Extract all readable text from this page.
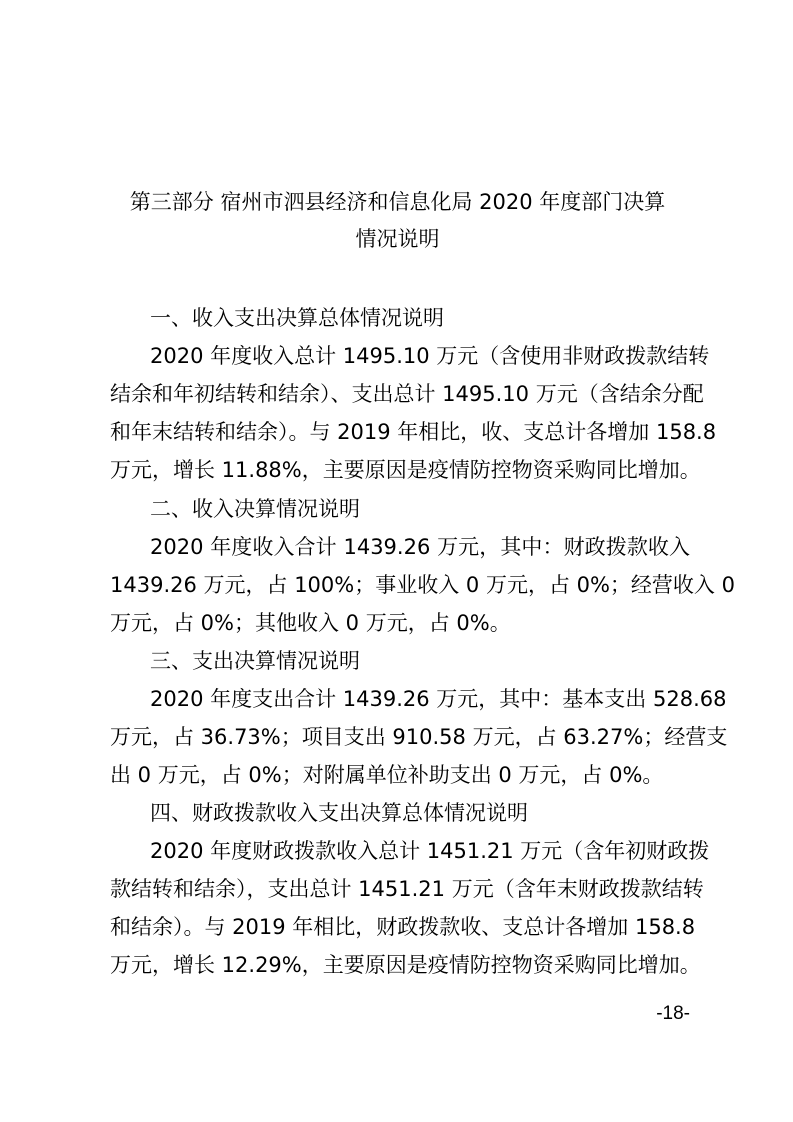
第三部分 宿州市泗县经济和信息化局 2020 年度部门决算
情况说明
一、收入支出决算总体情况说明
2020 年度收入总计 1495.10 万元（含使用非财政拨款结转
结余和年初结转和结余）、支出总计 1495.10 万元（含结余分配
和年末结转和结余）。与 2019 年相比，收、支总计各增加 158.8
万元，增长 11.88%，主要原因是疫情防控物资采购同比增加。
二、收入决算情况说明
2020 年度收入合计 1439.26 万元，其中：财政拨款收入
1439.26 万元，占 100%；事业收入 0 万元，占 0%；经营收入 0
万元，占 0%；其他收入 0 万元，占 0%。
三、支出决算情况说明
2020 年度支出合计 1439.26 万元，其中：基本支出 528.68
万元，占 36.73%；项目支出 910.58 万元，占 63.27%；经营支
出 0 万元，占 0%；对附属单位补助支出 0 万元，占 0%。
四、财政拨款收入支出决算总体情况说明
2020 年度财政拨款收入总计 1451.21 万元（含年初财政拨
款结转和结余），支出总计 1451.21 万元（含年末财政拨款结转
和结余）。与 2019 年相比，财政拨款收、支总计各增加 158.8
万元，增长 12.29%，主要原因是疫情防控物资采购同比增加。
-18-
